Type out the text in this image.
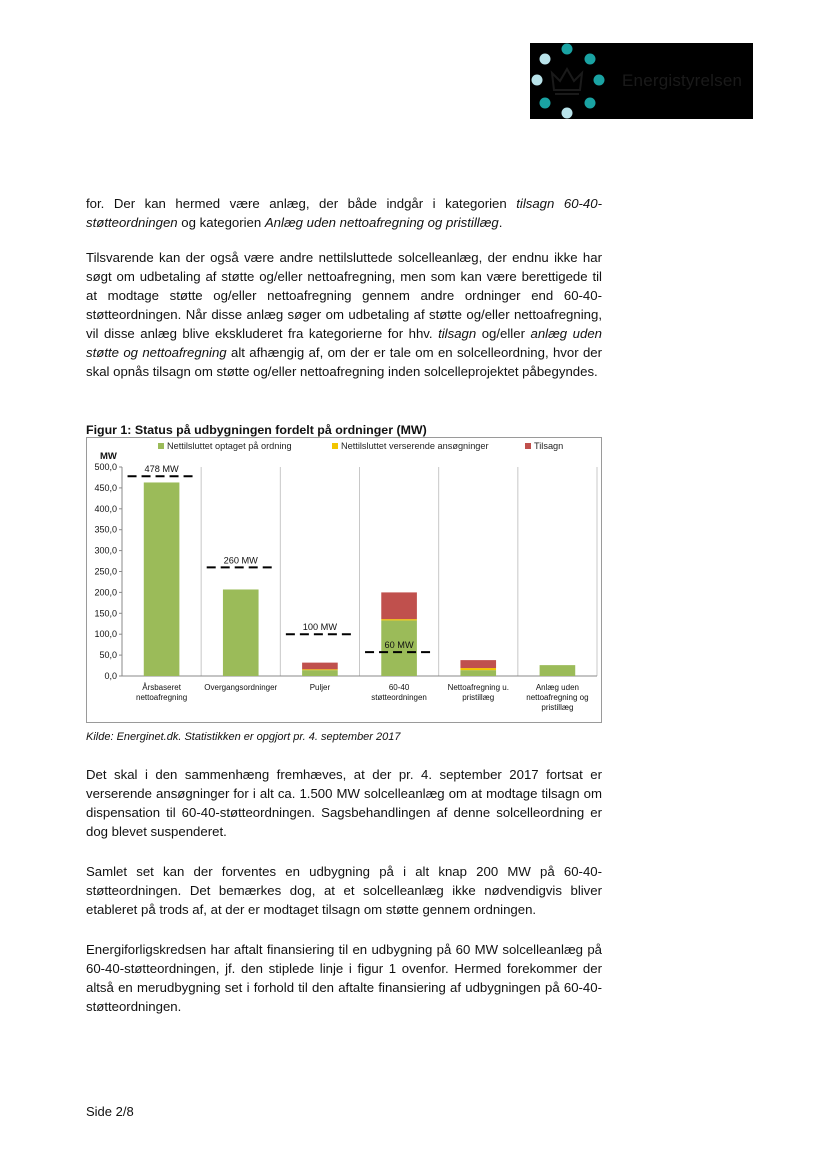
Energistyrelsen

for. Der kan hermed være anlæg, der både indgår i kategorien tilsagn 60-40-støtteordningen og kategorien Anlæg uden nettoafregning og pristillæg.

Tilsvarende kan der også være andre nettilsluttede solcelleanlæg, der endnu ikke har søgt om udbetaling af støtte og/eller nettoafregning, men som kan være berettigede til at modtage støtte og/eller nettoafregning gennem andre ordninger end 60-40-støtteordningen. Når disse anlæg søger om udbetaling af støtte og/eller nettoafregning, vil disse anlæg blive ekskluderet fra kategorierne for hhv. tilsagn og/eller anlæg uden støtte og nettoafregning alt afhængig af, om der er tale om en solcelleordning, hvor der skal opnås tilsagn om støtte og/eller nettoafregning inden solcelleprojektet påbegyndes.

Figur 1: Status på udbygningen fordelt på ordninger (MW)
Nettilsluttet optaget på ordning	Nettilsluttet verserende ansøgninger	Tilsagn
MW
0,0
50,0
100,0
150,0
200,0
250,0
300,0
350,0
400,0
450,0
500,0
Årsbaseret
nettoafregning
Overgangsordninger	Puljer	60-40
støtteordningen
Nettoafregning u.
pristillæg
Anlæg uden
nettoafregning og
pristillæg
478 MW
260 MW
100 MW
60 MW
Kilde: Energinet.dk. Statistikken er opgjort pr. 4. september 2017

Det skal i den sammenhæng fremhæves, at der pr. 4. september 2017 fortsat er verserende ansøgninger for i alt ca. 1.500 MW solcelleanlæg om at modtage tilsagn om dispensation til 60-40-støtteordningen. Sagsbehandlingen af denne solcelleordning er dog blevet suspenderet.

Samlet set kan der forventes en udbygning på i alt knap 200 MW på 60-40-støtteordningen. Det bemærkes dog, at et solcelleanlæg ikke nødvendigvis bliver etableret på trods af, at der er modtaget tilsagn om støtte gennem ordningen.

Energiforligskredsen har aftalt finansiering til en udbygning på 60 MW solcelleanlæg på 60-40-støtteordningen, jf. den stiplede linje i figur 1 ovenfor. Hermed forekommer der altså en merudbygning set i forhold til den aftalte finansiering af udbygningen på 60-40-støtteordningen.

Side 2/8
